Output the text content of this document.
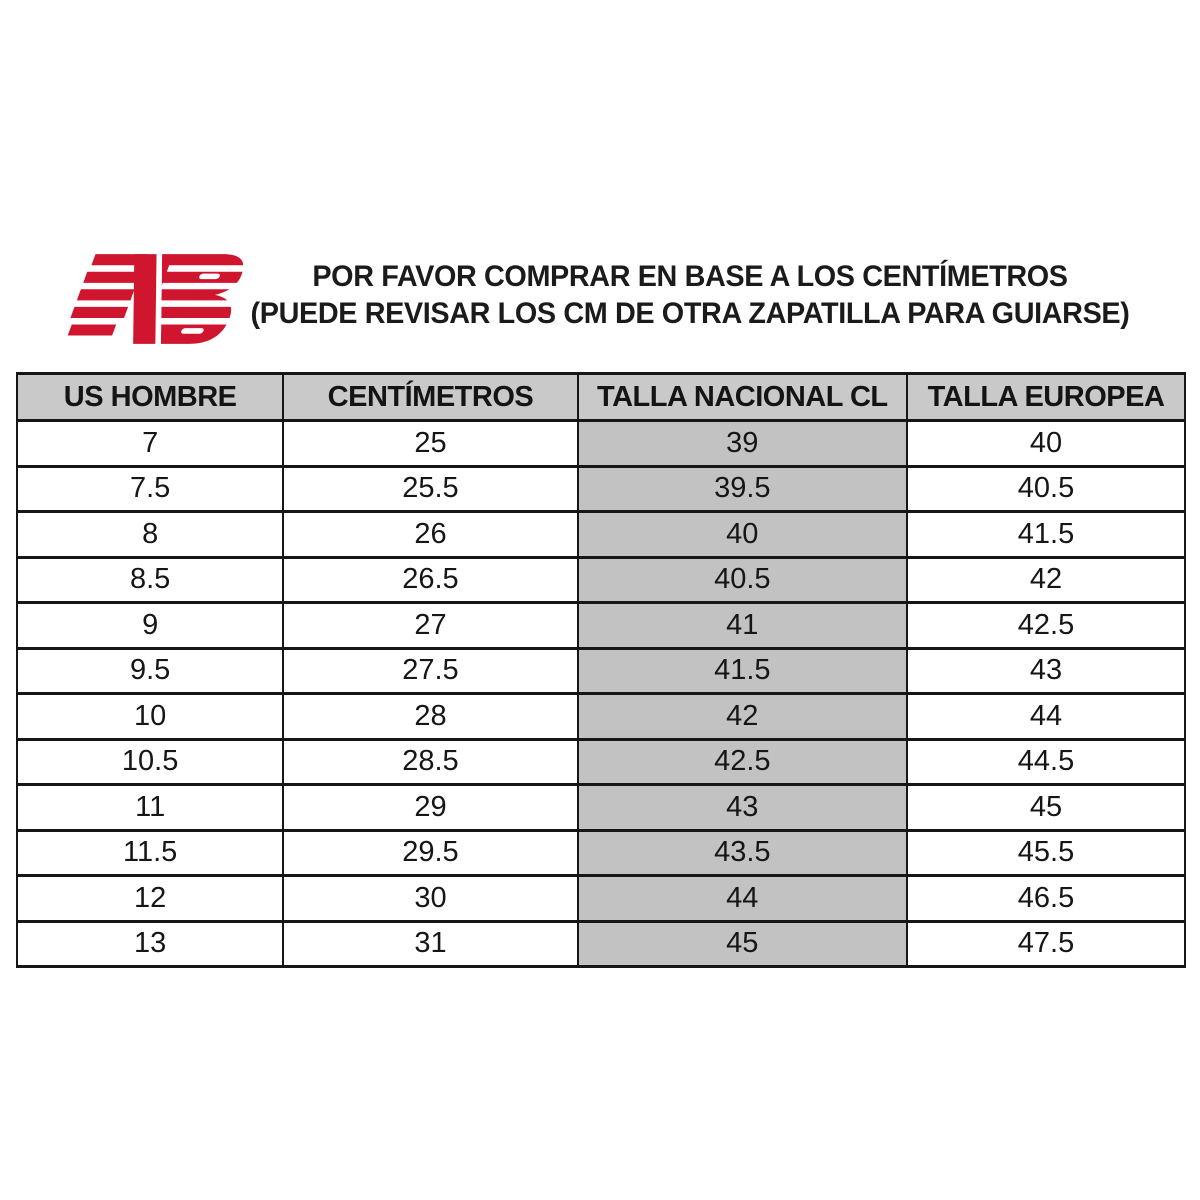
POR FAVOR COMPRAR EN BASE A LOS CENTÍMETROS
(PUEDE REVISAR LOS CM DE OTRA ZAPATILLA PARA GUIARSE)
US HOMBRE	CENTÍMETROS	TALLA NACIONAL CL	TALLA EUROPEA
7	25	39	40
7.5	25.5	39.5	40.5
8	26	40	41.5
8.5	26.5	40.5	42
9	27	41	42.5
9.5	27.5	41.5	43
10	28	42	44
10.5	28.5	42.5	44.5
11	29	43	45
11.5	29.5	43.5	45.5
12	30	44	46.5
13	31	45	47.5
